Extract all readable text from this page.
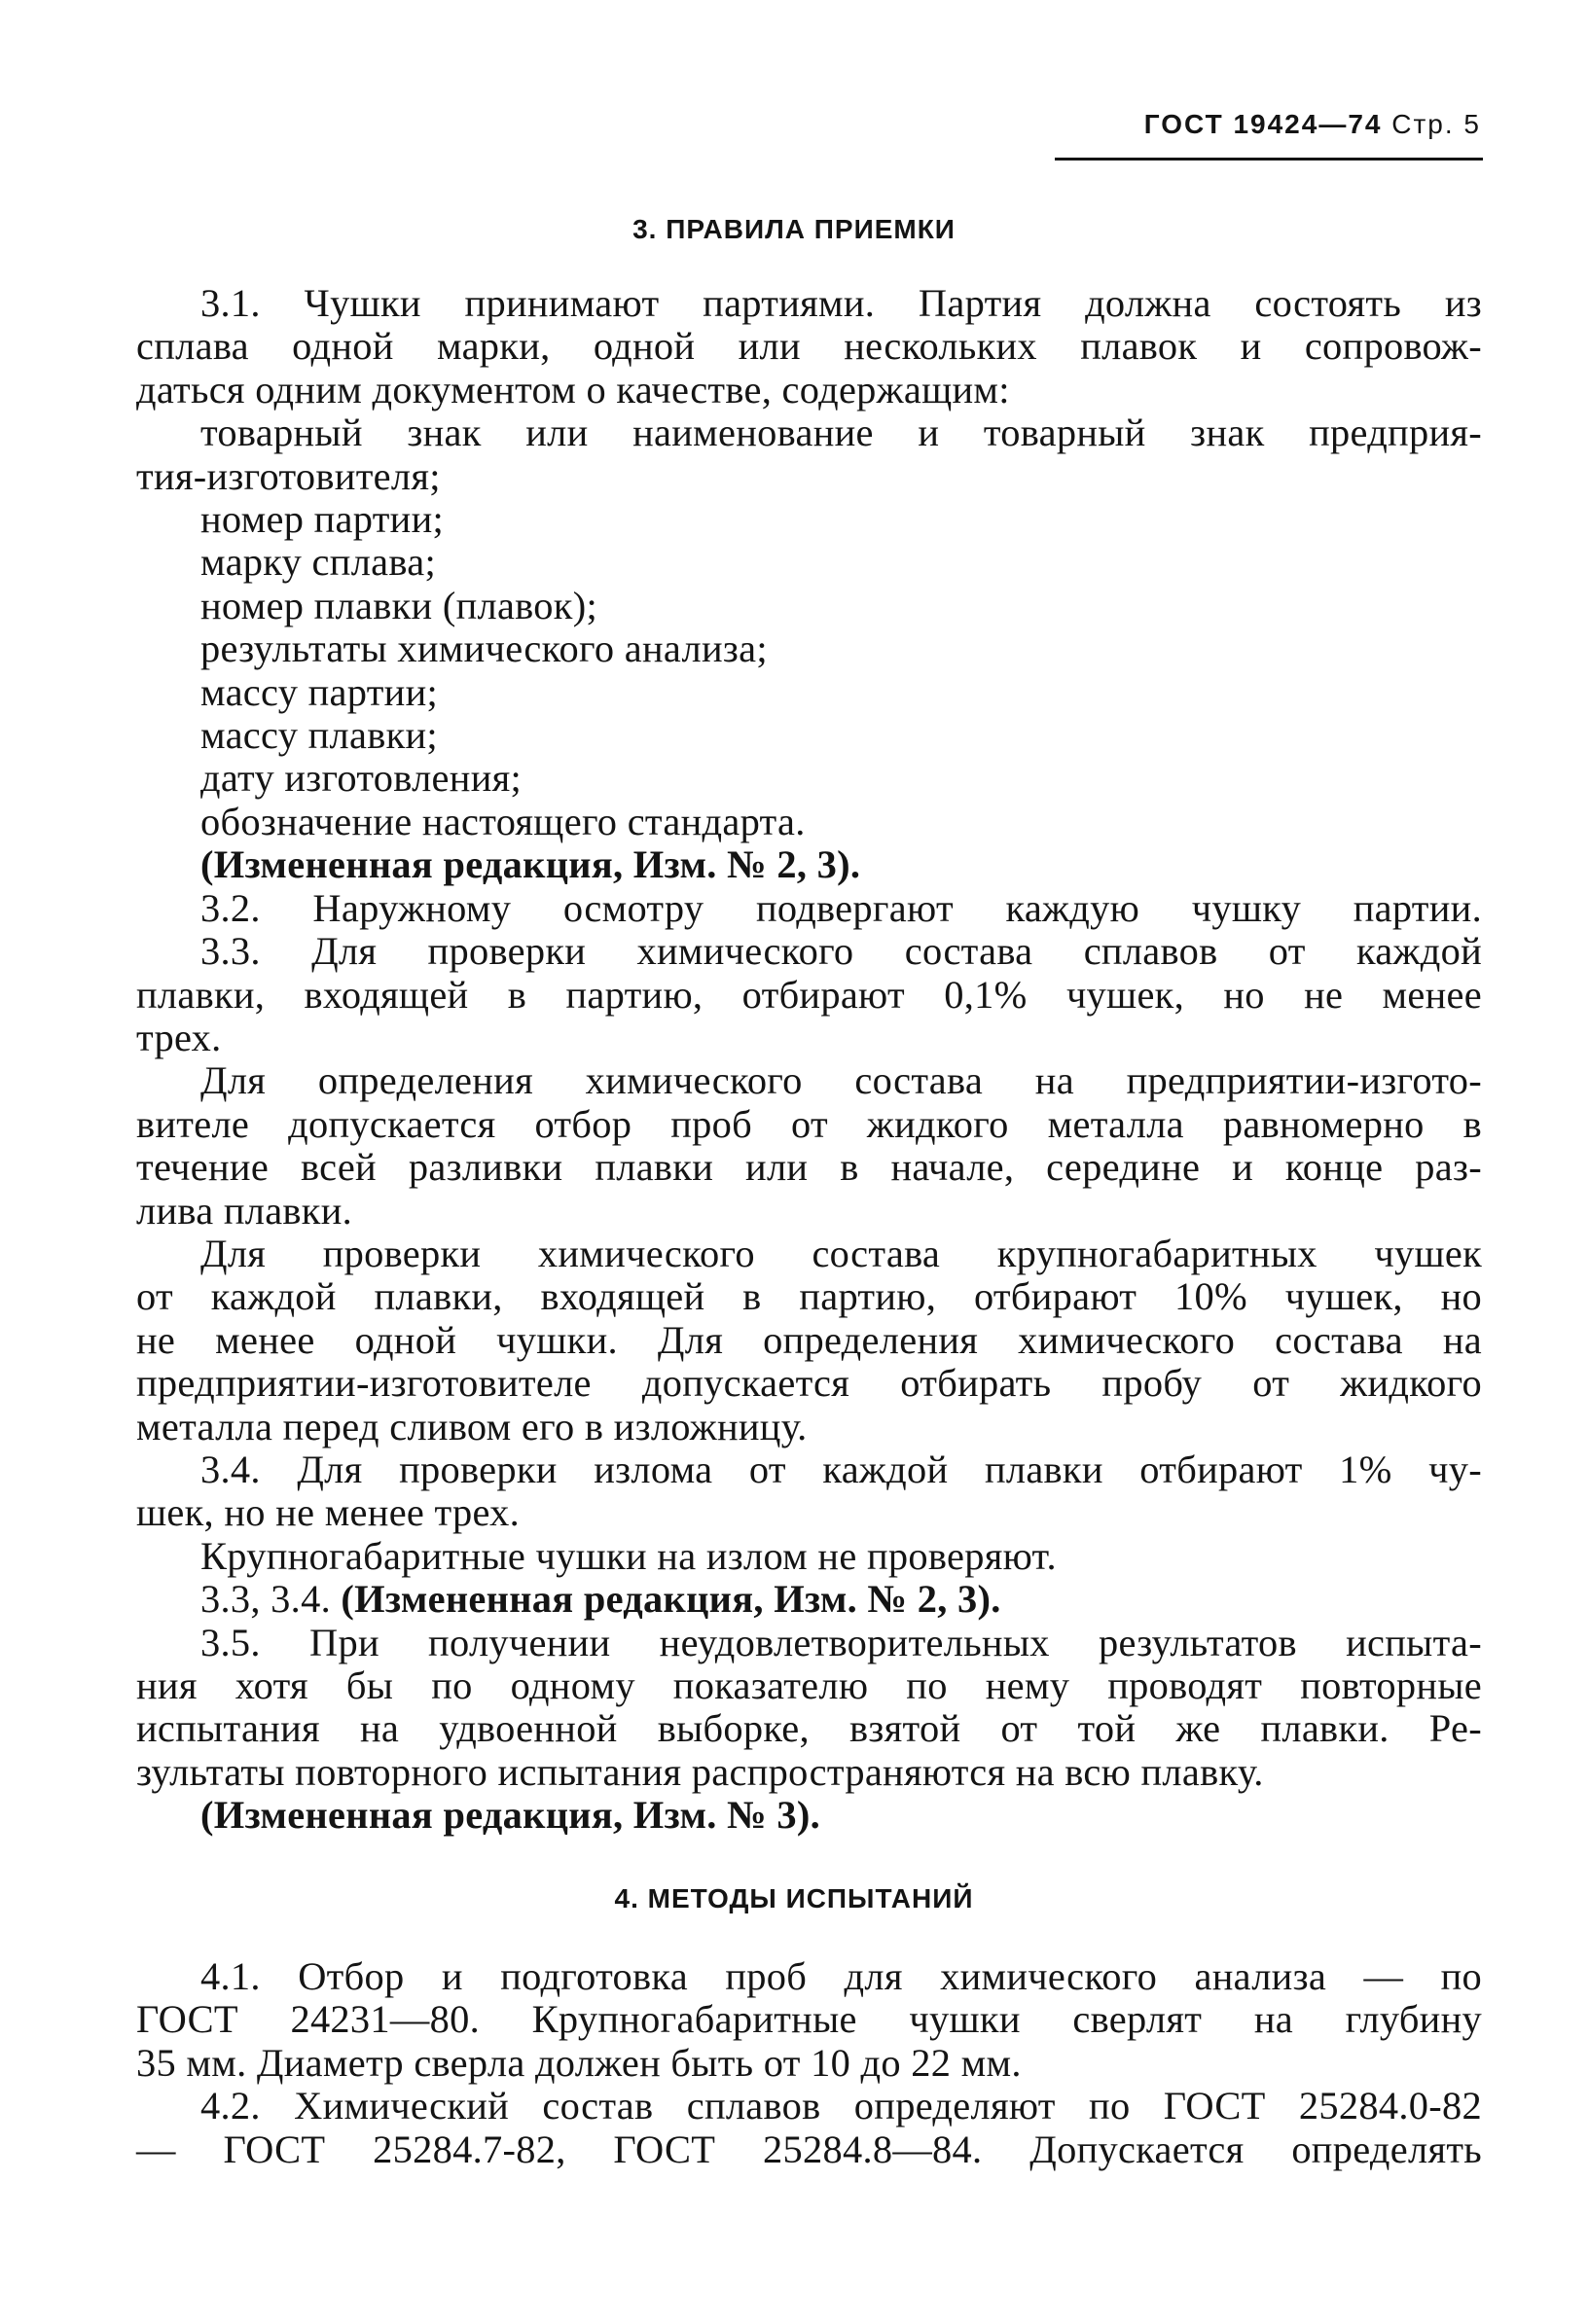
ГОСТ 19424—74 Стр. 5
3. ПРАВИЛА ПРИЕМКИ

3.1. Чушки принимают партиями. Партия должна состоять из

сплава одной марки, одной или нескольких плавок и сопровож-

даться одним документом о качестве, содержащим:

товарный знак или наименование и товарный знак предприя-

тия-изготовителя;

номер партии;

марку сплава;

номер плавки (плавок);

результаты химического анализа;

массу партии;

массу плавки;

дату изготовления;

обозначение настоящего стандарта.

(Измененная редакция, Изм. № 2, 3).

3.2. Наружному осмотру подвергают каждую чушку партии.

3.3. Для проверки химического состава сплавов от каждой

плавки, входящей в партию, отбирают 0,1% чушек, но не менее

трех.

Для определения химического состава на предприятии-изгото-

вителе допускается отбор проб от жидкого металла равномерно в

течение всей разливки плавки или в начале, середине и конце раз-

лива плавки.

Для проверки химического состава крупногабаритных чушек

от каждой плавки, входящей в партию, отбирают 10% чушек, но

не менее одной чушки. Для определения химического состава на

предприятии-изготовителе допускается отбирать пробу от жидкого

металла перед сливом его в изложницу.

3.4. Для проверки излома от каждой плавки отбирают 1% чу-

шек, но не менее трех.

Крупногабаритные чушки на излом не проверяют.

3.3, 3.4. (Измененная редакция, Изм. № 2, 3).

3.5. При получении неудовлетворительных результатов испыта-

ния хотя бы по одному показателю по нему проводят повторные

испытания на удвоенной выборке, взятой от той же плавки. Ре-

зультаты повторного испытания распространяются на всю плавку.

(Измененная редакция, Изм. № 3).

4. МЕТОДЫ ИСПЫТАНИЙ

4.1. Отбор и подготовка проб для химического анализа — по

ГОСТ 24231—80. Крупногабаритные чушки сверлят на глубину

35 мм. Диаметр сверла должен быть от 10 до 22 мм.

4.2. Химический состав сплавов определяют по ГОСТ 25284.0-82

— ГОСТ 25284.7-82, ГОСТ 25284.8—84. Допускается определять
